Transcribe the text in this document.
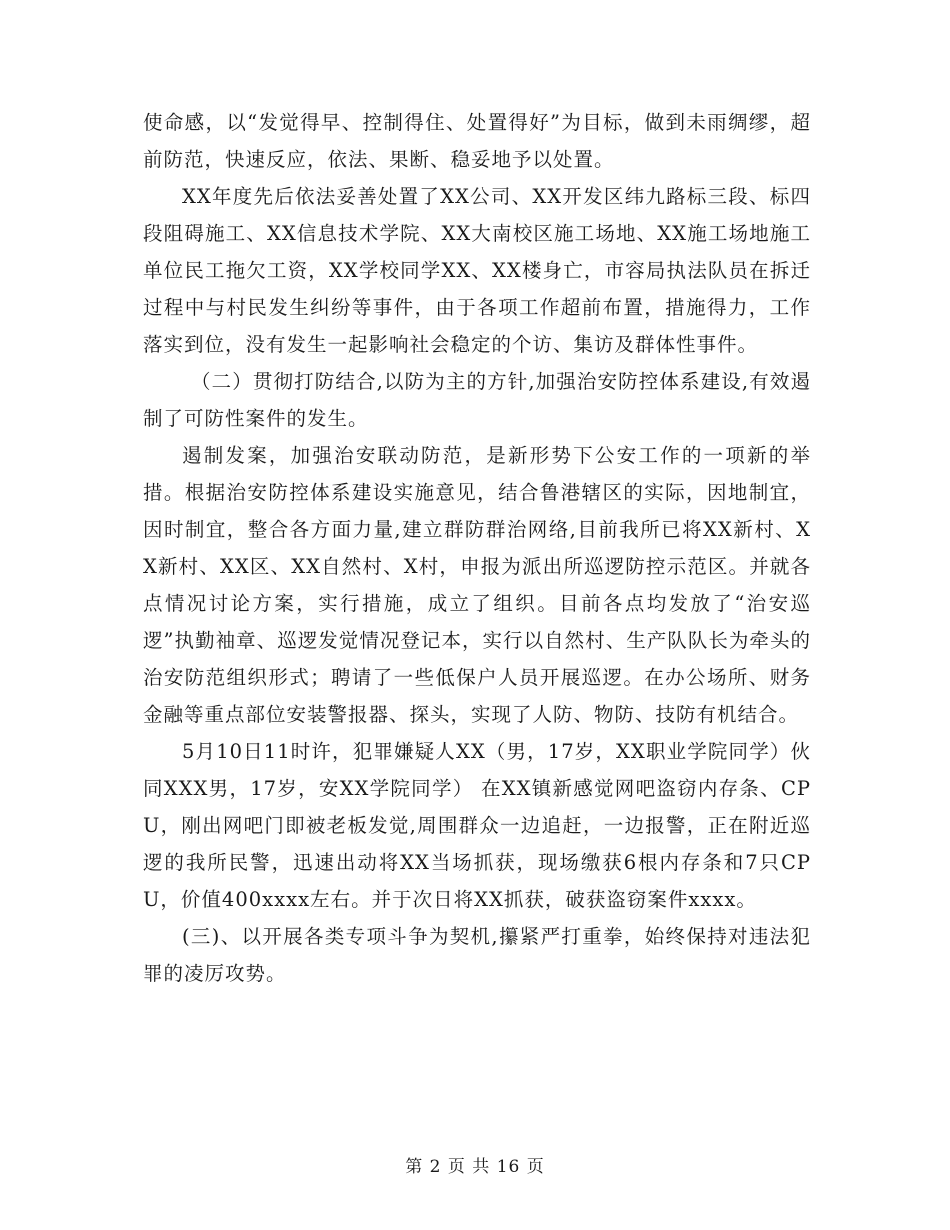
使命感，以“发觉得早、控制得住、处置得好”为目标，做到未雨绸缪，超前防范，快速反应，依法、果断、稳妥地予以处置。

XX年度先后依法妥善处置了XX公司、XX开发区纬九路标三段、标四段阻碍施工、XX信息技术学院、XX大南校区施工场地、XX施工场地施工单位民工拖欠工资，XX学校同学XX、XX楼身亡，市容局执法队员在拆迁过程中与村民发生纠纷等事件，由于各项工作超前布置，措施得力，工作落实到位，没有发生一起影响社会稳定的个访、集访及群体性事件。

（二）贯彻打防结合,以防为主的方针,加强治安防控体系建设,有效遏制了可防性案件的发生。

遏制发案，加强治安联动防范，是新形势下公安工作的一项新的举措。根据治安防控体系建设实施意见，结合鲁港辖区的实际，因地制宜，因时制宜，整合各方面力量,建立群防群治网络,目前我所已将XX新村、XX新村、XX区、XX自然村、X村，申报为派出所巡逻防控示范区。并就各点情况讨论方案，实行措施，成立了组织。目前各点均发放了“治安巡逻”执勤袖章、巡逻发觉情况登记本，实行以自然村、生产队队长为牵头的治安防范组织形式；聘请了一些低保户人员开展巡逻。在办公场所、财务金融等重点部位安装警报器、探头，实现了人防、物防、技防有机结合。

5月10日11时许，犯罪嫌疑人XX（男，17岁，XX职业学院同学）伙同XXX男，17岁，安XX学院同学） 在XX镇新感觉网吧盗窃内存条、CPU，刚出网吧门即被老板发觉,周围群众一边追赶，一边报警，正在附近巡逻的我所民警，迅速出动将XX当场抓获，现场缴获6根内存条和7只CPU，价值400xxxx左右。并于次日将XX抓获，破获盗窃案件xxxx。

(三)、以开展各类专项斗争为契机,攥紧严打重拳，始终保持对违法犯罪的凌厉攻势。

第 2 页 共 16 页
